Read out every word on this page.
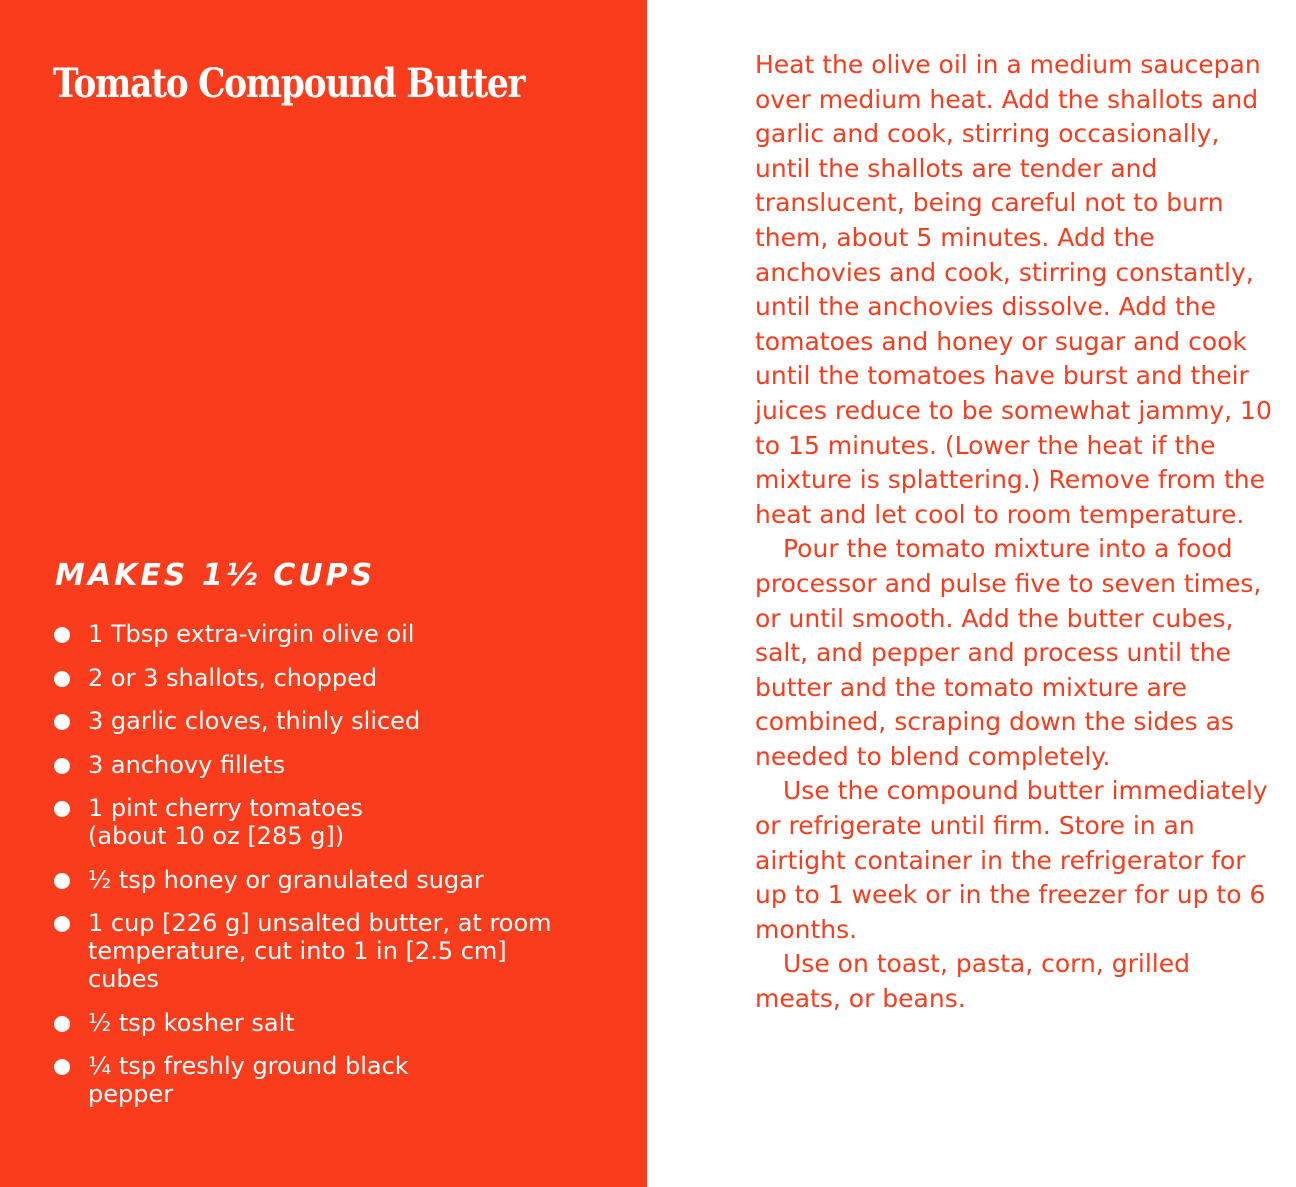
Tomato Compound Butter
MAKES 1½ CUPS
1 Tbsp extra-virgin olive oil
2 or 3 shallots, chopped
3 garlic cloves, thinly sliced
3 anchovy fillets
1 pint cherry tomatoes (about 10 oz [285 g])
½ tsp honey or granulated sugar
1 cup [226 g] unsalted butter, at room temperature, cut into 1 in [2.5 cm] cubes
½ tsp kosher salt
¼ tsp freshly ground black pepper

Heat the olive oil in a medium saucepan over medium heat. Add the shallots and garlic and cook, stirring occasionally, until the shallots are tender and translucent, being careful not to burn them, about 5 minutes. Add the anchovies and cook, stirring constantly, until the anchovies dissolve. Add the tomatoes and honey or sugar and cook until the tomatoes have burst and their juices reduce to be somewhat jammy, 10 to 15 minutes. (Lower the heat if the mixture is splattering.) Remove from the heat and let cool to room temperature.

Pour the tomato mixture into a food processor and pulse five to seven times, or until smooth. Add the butter cubes, salt, and pepper and process until the butter and the tomato mixture are combined, scraping down the sides as needed to blend completely.

Use the compound butter immediately or refrigerate until firm. Store in an airtight container in the refrigerator for up to 1 week or in the freezer for up to 6 months.

Use on toast, pasta, corn, grilled meats, or beans.
